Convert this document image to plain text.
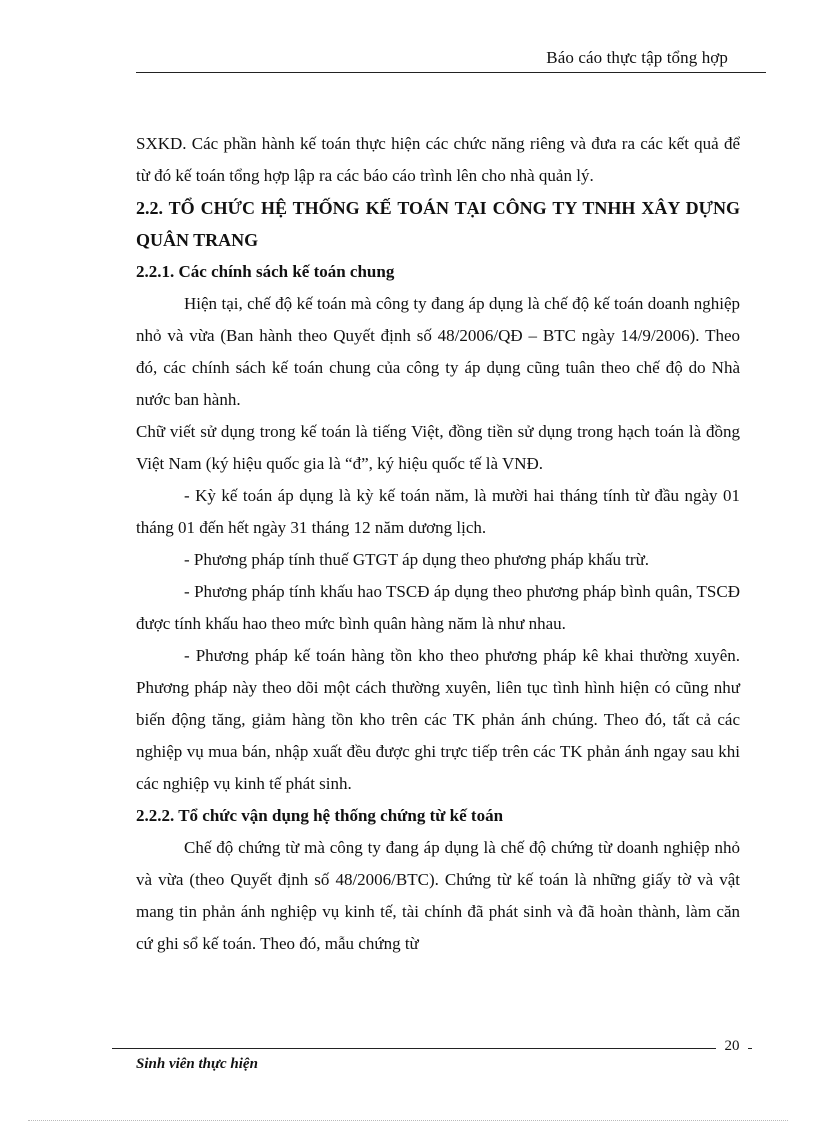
Báo cáo thực tập tổng hợp

SXKD. Các phần hành kế toán thực hiện các chức năng riêng và đưa ra các kết quả để từ đó kế toán tổng hợp lập ra các báo cáo trình lên cho nhà quản lý.

2.2. TỔ CHỨC HỆ THỐNG KẾ TOÁN TẠI CÔNG TY TNHH XÂY DỰNG QUÂN TRANG

2.2.1. Các chính sách kế toán chung

Hiện tại, chế độ kế toán mà công ty đang áp dụng là chế độ kế toán doanh nghiệp nhỏ và vừa (Ban hành theo Quyết định số 48/2006/QĐ – BTC ngày 14/9/2006). Theo đó, các chính sách kế toán chung của công ty áp dụng cũng tuân theo chế độ do Nhà nước ban hành.

Chữ viết sử dụng trong kế toán là tiếng Việt, đồng tiền sử dụng trong hạch toán là đồng Việt Nam (ký hiệu quốc gia là “đ”, ký hiệu quốc tế là VNĐ.

- Kỳ kế toán áp dụng là kỳ kế toán năm, là mười hai tháng tính từ đầu ngày 01 tháng 01 đến hết ngày 31 tháng 12 năm dương lịch.

- Phương pháp tính thuế GTGT áp dụng theo phương pháp khấu trừ.

- Phương pháp tính khấu hao TSCĐ áp dụng theo phương pháp bình quân, TSCĐ được tính khấu hao theo mức bình quân hàng năm là như nhau.

- Phương pháp kế toán hàng tồn kho theo phương pháp kê khai thường xuyên. Phương pháp này theo dõi một cách thường xuyên, liên tục tình hình hiện có cũng như biến động tăng, giảm hàng tồn kho trên các TK phản ánh chúng. Theo đó, tất cả các nghiệp vụ mua bán, nhập xuất đều được ghi trực tiếp trên các TK phản ánh ngay sau khi các nghiệp vụ kinh tế phát sinh.

2.2.2. Tổ chức vận dụng hệ thống chứng từ kế toán

Chế độ chứng từ mà công ty đang áp dụng là chế độ chứng từ doanh nghiệp nhỏ và vừa (theo Quyết định số 48/2006/BTC). Chứng từ kế toán là những giấy tờ và vật mang tin phản ánh nghiệp vụ kinh tế, tài chính đã phát sinh và đã hoàn thành, làm căn cứ ghi sổ kế toán. Theo đó, mẫu chứng từ

20
Sinh viên thực hiện
